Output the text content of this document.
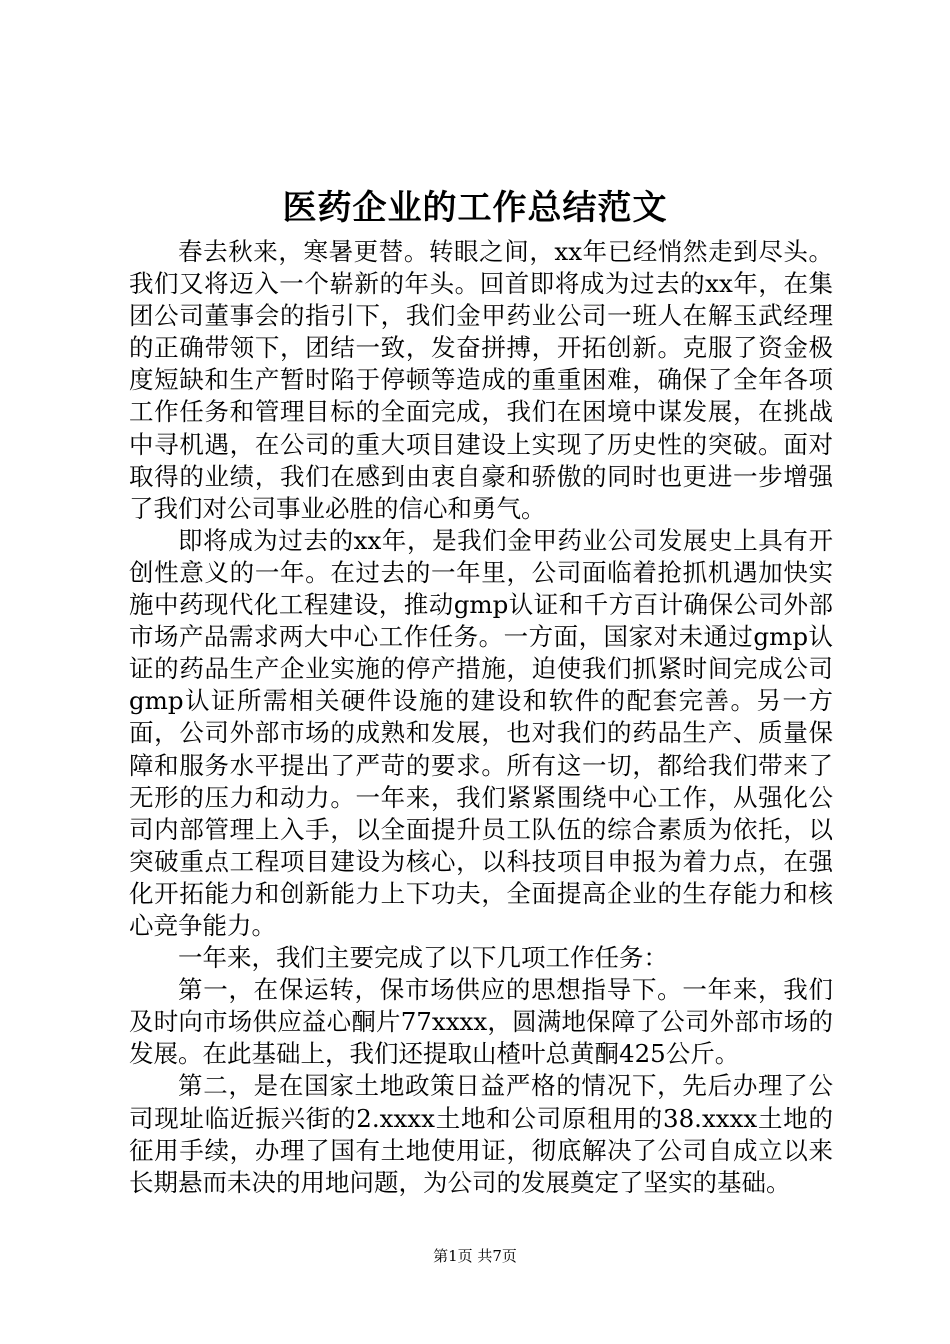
医药企业的工作总结范文

春去秋来，寒暑更替。转眼之间，xx年已经悄然走到尽头。我们又将迈入一个崭新的年头。回首即将成为过去的xx年，在集团公司董事会的指引下，我们金甲药业公司一班人在解玉武经理的正确带领下，团结一致，发奋拼搏，开拓创新。克服了资金极度短缺和生产暂时陷于停顿等造成的重重困难，确保了全年各项工作任务和管理目标的全面完成，我们在困境中谋发展，在挑战中寻机遇，在公司的重大项目建设上实现了历史性的突破。面对取得的业绩，我们在感到由衷自豪和骄傲的同时也更进一步增强了我们对公司事业必胜的信心和勇气。

即将成为过去的xx年，是我们金甲药业公司发展史上具有开创性意义的一年。在过去的一年里，公司面临着抢抓机遇加快实施中药现代化工程建设，推动gmp认证和千方百计确保公司外部市场产品需求两大中心工作任务。一方面，国家对未通过gmp认证的药品生产企业实施的停产措施，迫使我们抓紧时间完成公司gmp认证所需相关硬件设施的建设和软件的配套完善。另一方面，公司外部市场的成熟和发展，也对我们的药品生产、质量保障和服务水平提出了严苛的要求。所有这一切，都给我们带来了无形的压力和动力。一年来，我们紧紧围绕中心工作，从强化公司内部管理上入手，以全面提升员工队伍的综合素质为依托，以突破重点工程项目建设为核心，以科技项目申报为着力点，在强化开拓能力和创新能力上下功夫，全面提高企业的生存能力和核心竞争能力。

一年来，我们主要完成了以下几项工作任务：

第一，在保运转，保市场供应的思想指导下。一年来，我们及时向市场供应益心酮片77xxxx，圆满地保障了公司外部市场的发展。在此基础上，我们还提取山楂叶总黄酮425公斤。

第二，是在国家土地政策日益严格的情况下，先后办理了公司现址临近振兴街的2.xxxx土地和公司原租用的38.xxxx土地的征用手续，办理了国有土地使用证，彻底解决了公司自成立以来长期悬而未决的用地问题，为公司的发展奠定了坚实的基础。

第1页 共7页
